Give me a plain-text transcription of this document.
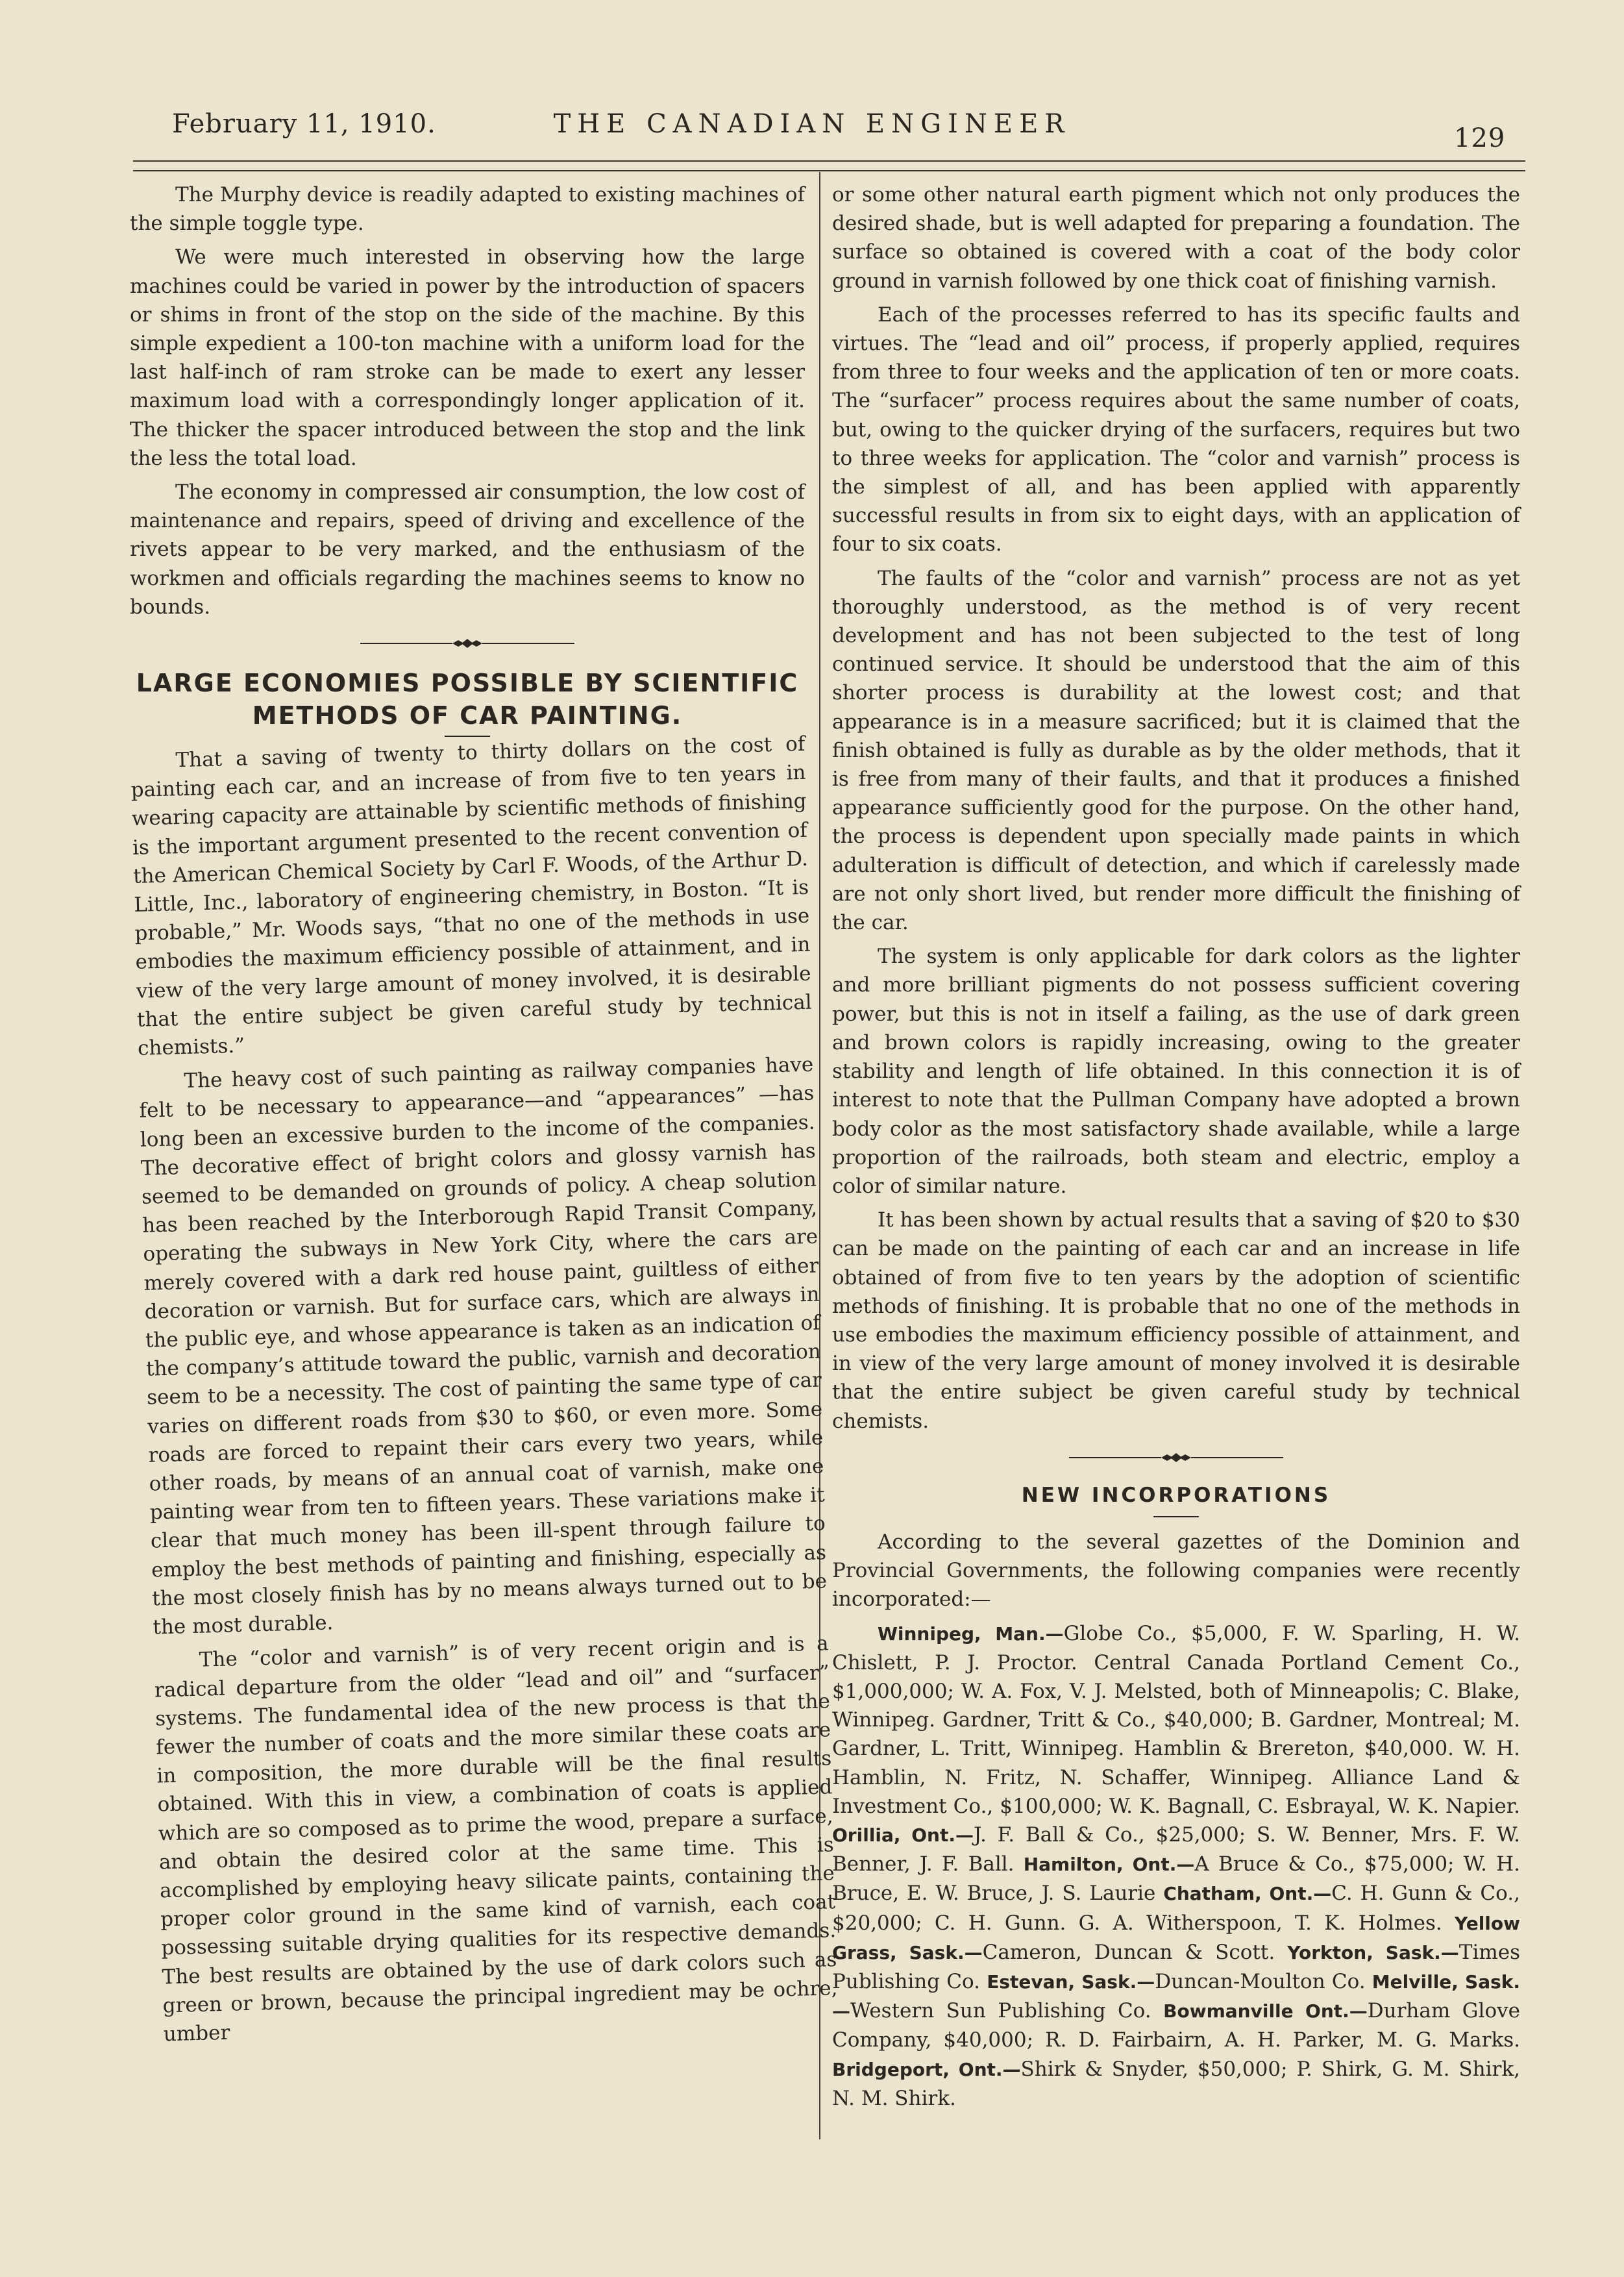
February 11, 1910.	THE CANADIAN ENGINEER	129

The Murphy device is readily adapted to existing machines of the simple toggle type.

We were much interested in observing how the large machines could be varied in power by the introduction of spacers or shims in front of the stop on the side of the machine. By this simple expedient a 100-ton machine with a uniform load for the last half-inch of ram stroke can be made to exert any lesser maximum load with a correspondingly longer application of it. The thicker the spacer introduced between the stop and the link the less the total load.

The economy in compressed air consumption, the low cost of maintenance and repairs, speed of driving and excellence of the rivets appear to be very marked, and the enthusiasm of the workmen and officials regarding the machines seems to know no bounds.

LARGE ECONOMIES POSSIBLE BY SCIENTIFIC
METHODS OF CAR PAINTING.

That a saving of twenty to thirty dollars on the cost of painting each car, and an increase of from five to ten years in wearing capacity are attainable by scientific methods of finishing is the important argument presented to the recent convention of the American Chemical Society by Carl F. Woods, of the Arthur D. Little, Inc., laboratory of engineering chemistry, in Boston. “It is probable,” Mr. Woods says, “that no one of the methods in use embodies the maximum efficiency possible of attainment, and in view of the very large amount of money involved, it is desirable that the entire subject be given careful study by technical chemists.”

The heavy cost of such painting as railway companies have felt to be necessary to appearance—and “appearances” —has long been an excessive burden to the income of the companies. The decorative effect of bright colors and glossy varnish has seemed to be demanded on grounds of policy. A cheap solution has been reached by the Interborough Rapid Transit Company, operating the subways in New York City, where the cars are merely covered with a dark red house paint, guiltless of either decoration or varnish. But for surface cars, which are always in the public eye, and whose appearance is taken as an indication of the company’s attitude toward the public, varnish and decoration seem to be a necessity. The cost of painting the same type of car varies on different roads from $30 to $60, or even more. Some roads are forced to repaint their cars every two years, while other roads, by means of an annual coat of varnish, make one painting wear from ten to fifteen years. These variations make it clear that much money has been ill-spent through failure to employ the best methods of painting and finishing, especially as the most closely finish has by no means always turned out to be the most durable.

The “color and varnish” is of very recent origin and is a radical departure from the older “lead and oil” and “surfacer” systems. The fundamental idea of the new process is that the fewer the number of coats and the more similar these coats are in composition, the more durable will be the final results obtained. With this in view, a combination of coats is applied which are so composed as to prime the wood, prepare a surface, and obtain the desired color at the same time. This is accomplished by employing heavy silicate paints, containing the proper color ground in the same kind of varnish, each coat possessing suitable drying qualities for its respective demands. The best results are obtained by the use of dark colors such as green or brown, because the principal ingredient may be ochre, umber

or some other natural earth pigment which not only produces the desired shade, but is well adapted for preparing a foundation. The surface so obtained is covered with a coat of the body color ground in varnish followed by one thick coat of finishing varnish.

Each of the processes referred to has its specific faults and virtues. The “lead and oil” process, if properly applied, requires from three to four weeks and the application of ten or more coats. The “surfacer” process requires about the same number of coats, but, owing to the quicker drying of the surfacers, requires but two to three weeks for application. The “color and varnish” process is the simplest of all, and has been applied with apparently successful results in from six to eight days, with an application of four to six coats.

The faults of the “color and varnish” process are not as yet thoroughly understood, as the method is of very recent development and has not been subjected to the test of long continued service. It should be understood that the aim of this shorter process is durability at the lowest cost; and that appearance is in a measure sacrificed; but it is claimed that the finish obtained is fully as durable as by the older methods, that it is free from many of their faults, and that it produces a finished appearance sufficiently good for the purpose. On the other hand, the process is dependent upon specially made paints in which adulteration is difficult of detection, and which if carelessly made are not only short lived, but render more difficult the finishing of the car.

The system is only applicable for dark colors as the lighter and more brilliant pigments do not possess sufficient covering power, but this is not in itself a failing, as the use of dark green and brown colors is rapidly increasing, owing to the greater stability and length of life obtained. In this connection it is of interest to note that the Pullman Company have adopted a brown body color as the most satisfactory shade available, while a large proportion of the railroads, both steam and electric, employ a color of similar nature.

It has been shown by actual results that a saving of $20 to $30 can be made on the painting of each car and an increase in life obtained of from five to ten years by the adoption of scientific methods of finishing. It is probable that no one of the methods in use embodies the maximum efficiency possible of attainment, and in view of the very large amount of money involved it is desirable that the entire subject be given careful study by technical chemists.

NEW INCORPORATIONS

According to the several gazettes of the Dominion and Provincial Governments, the following companies were recently incorporated:—

Winnipeg, Man.—Globe Co., $5,000, F. W. Sparling, H. W. Chislett, P. J. Proctor. Central Canada Portland Cement Co., $1,000,000; W. A. Fox, V. J. Melsted, both of Minneapolis; C. Blake, Winnipeg. Gardner, Tritt & Co., $40,000; B. Gardner, Montreal; M. Gardner, L. Tritt, Winnipeg. Hamblin & Brereton, $40,000. W. H. Hamblin, N. Fritz, N. Schaffer, Winnipeg. Alliance Land & Investment Co., $100,000; W. K. Bagnall, C. Esbrayal, W. K. Napier. Orillia, Ont.—J. F. Ball & Co., $25,000; S. W. Benner, Mrs. F. W. Benner, J. F. Ball. Hamilton, Ont.—A Bruce & Co., $75,000; W. H. Bruce, E. W. Bruce, J. S. Laurie Chatham, Ont.—C. H. Gunn & Co., $20,000; C. H. Gunn. G. A. Witherspoon, T. K. Holmes. Yellow Grass, Sask.—Cameron, Duncan & Scott. Yorkton, Sask.—Times Publishing Co. Estevan, Sask.—Duncan-Moulton Co. Melville, Sask.—Western Sun Publishing Co. Bowmanville Ont.—Durham Glove Company, $40,000; R. D. Fairbairn, A. H. Parker, M. G. Marks. Bridgeport, Ont.—Shirk & Snyder, $50,000; P. Shirk, G. M. Shirk, N. M. Shirk.
